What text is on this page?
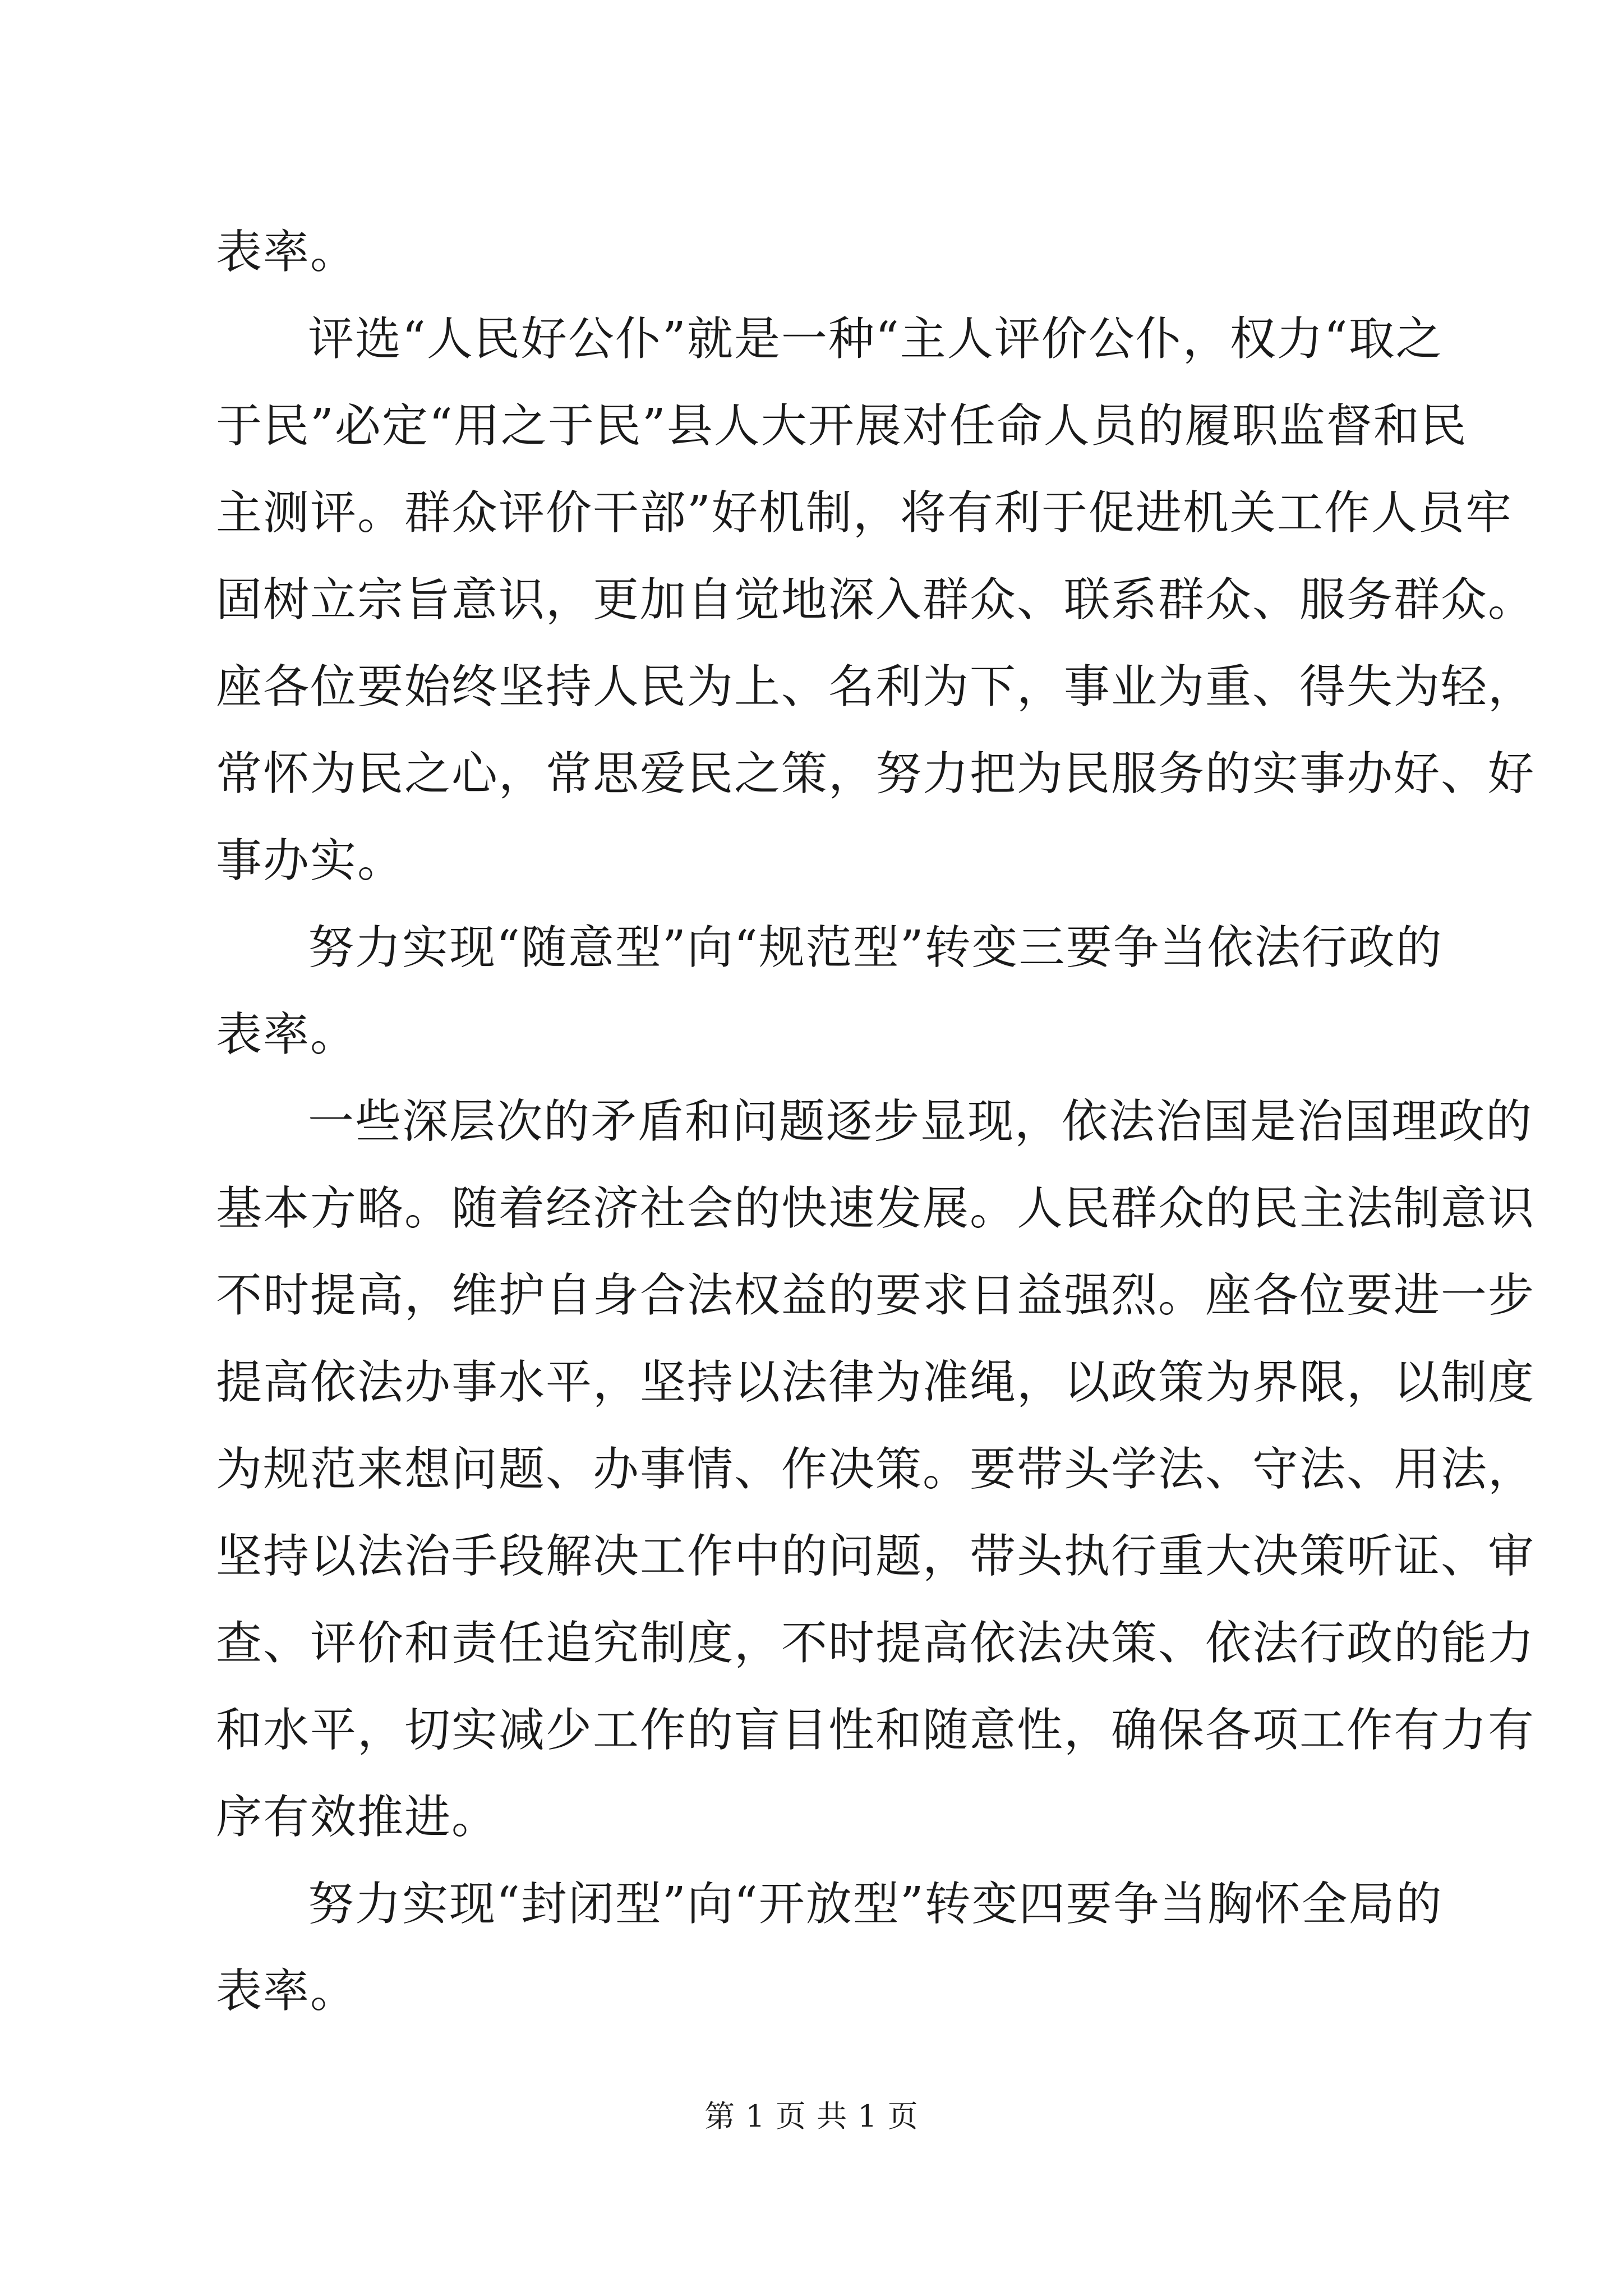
表率。
评选“人民好公仆”就是一种“主人评价公仆，权力“取之
于民”必定“用之于民”县人大开展对任命人员的履职监督和民
主测评。群众评价干部”好机制，将有利于促进机关工作人员牢
固树立宗旨意识，更加自觉地深入群众、联系群众、服务群众。
座各位要始终坚持人民为上、名利为下，事业为重、得失为轻，
常怀为民之心，常思爱民之策，努力把为民服务的实事办好、好
事办实。
努力实现“随意型”向“规范型”转变三要争当依法行政的
表率。
一些深层次的矛盾和问题逐步显现，依法治国是治国理政的
基本方略。随着经济社会的快速发展。人民群众的民主法制意识
不时提高，维护自身合法权益的要求日益强烈。座各位要进一步
提高依法办事水平，坚持以法律为准绳，以政策为界限，以制度
为规范来想问题、办事情、作决策。要带头学法、守法、用法，
坚持以法治手段解决工作中的问题，带头执行重大决策听证、审
查、评价和责任追究制度，不时提高依法决策、依法行政的能力
和水平，切实减少工作的盲目性和随意性，确保各项工作有力有
序有效推进。
努力实现“封闭型”向“开放型”转变四要争当胸怀全局的
表率。
第 1 页 共 1 页
